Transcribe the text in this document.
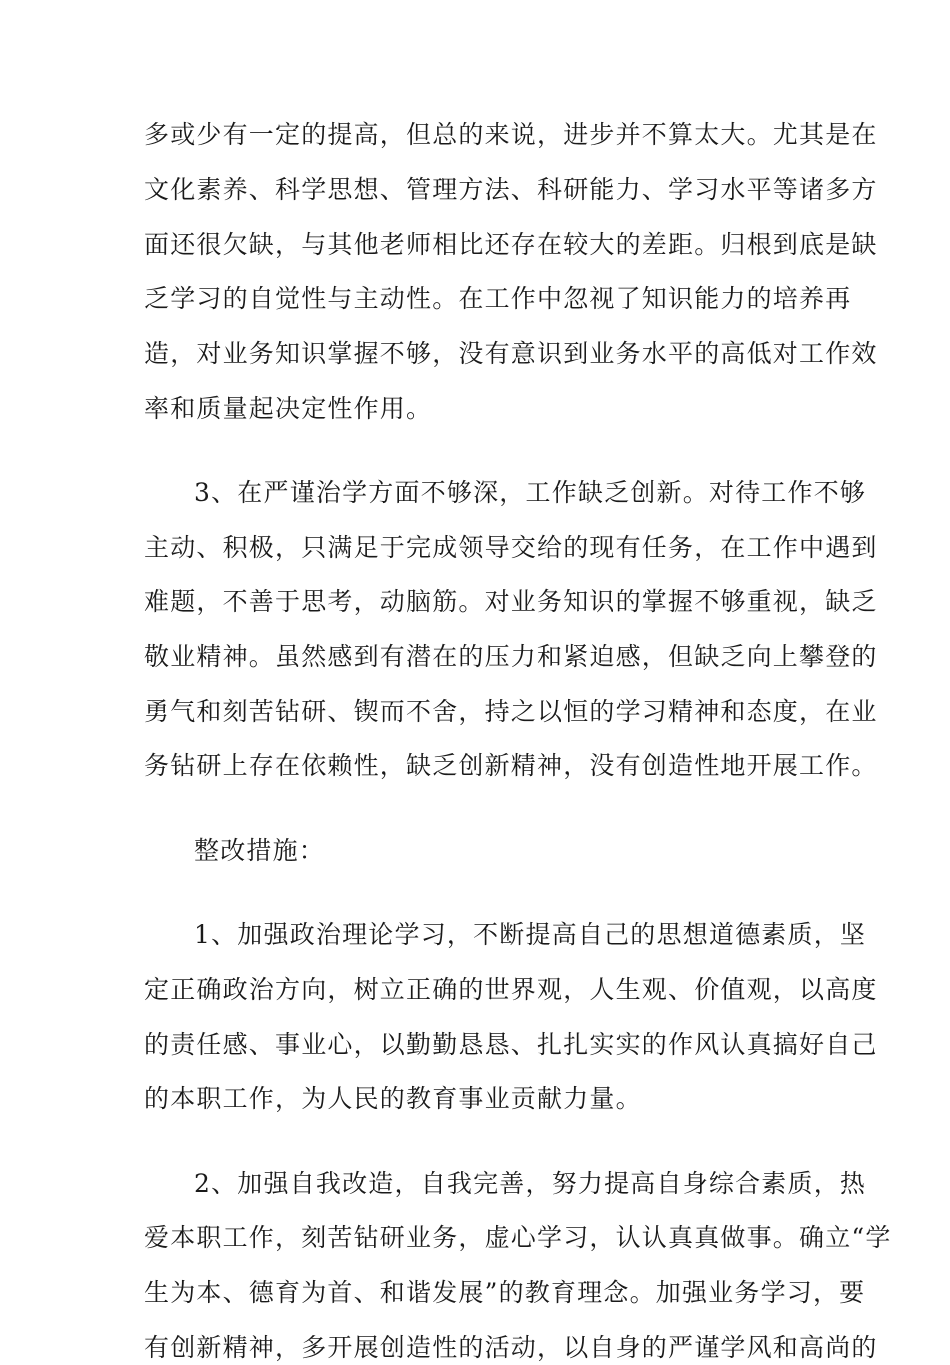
多或少有一定的提高，但总的来说，进步并不算太大。尤其是在
文化素养、科学思想、管理方法、科研能力、学习水平等诸多方
面还很欠缺，与其他老师相比还存在较大的差距。归根到底是缺
乏学习的自觉性与主动性。在工作中忽视了知识能力的培养再
造，对业务知识掌握不够，没有意识到业务水平的高低对工作效
率和质量起决定性作用。
3、在严谨治学方面不够深，工作缺乏创新。对待工作不够
主动、积极，只满足于完成领导交给的现有任务，在工作中遇到
难题，不善于思考，动脑筋。对业务知识的掌握不够重视，缺乏
敬业精神。虽然感到有潜在的压力和紧迫感，但缺乏向上攀登的
勇气和刻苦钻研、锲而不舍，持之以恒的学习精神和态度，在业
务钻研上存在依赖性，缺乏创新精神，没有创造性地开展工作。
整改措施：
1、加强政治理论学习，不断提高自己的思想道德素质，坚
定正确政治方向，树立正确的世界观，人生观、价值观，以高度
的责任感、事业心，以勤勤恳恳、扎扎实实的作风认真搞好自己
的本职工作，为人民的教育事业贡献力量。
2、加强自我改造，自我完善，努力提高自身综合素质，热
爱本职工作，刻苦钻研业务，虚心学习，认认真真做事。确立“学
生为本、德育为首、和谐发展”的教育理念。加强业务学习，要
有创新精神，多开展创造性的活动，以自身的严谨学风和高尚的
